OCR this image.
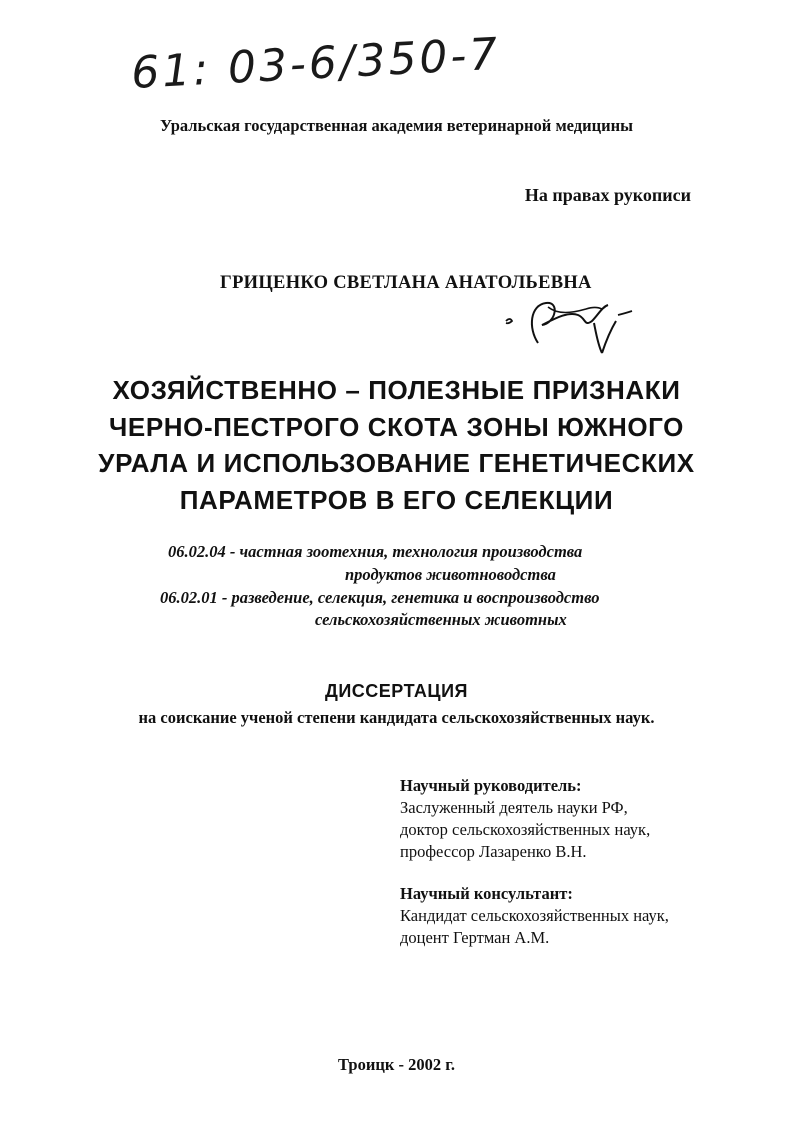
61: 03-6/350-7

Уральская государственная академия ветеринарной медицины

На правах рукописи

ГРИЦЕНКО СВЕТЛАНА АНАТОЛЬЕВНА

ХОЗЯЙСТВЕННО – ПОЛЕЗНЫЕ ПРИЗНАКИ
ЧЕРНО-ПЕСТРОГО СКОТА ЗОНЫ ЮЖНОГО
УРАЛА И ИСПОЛЬЗОВАНИЕ ГЕНЕТИЧЕСКИХ
ПАРАМЕТРОВ В ЕГО СЕЛЕКЦИИ

06.02.04 - частная зоотехния, технология производства

продуктов животноводства

06.02.01 - разведение, селекция, генетика и воспроизводство

сельскохозяйственных животных

ДИССЕРТАЦИЯ

на соискание ученой степени кандидата сельскохозяйственных наук.

Научный руководитель:
Заслуженный деятель науки РФ,
доктор сельскохозяйственных наук,
профессор Лазаренко В.Н.
Научный консультант:
Кандидат сельскохозяйственных наук,
доцент Гертман А.М.

Троицк - 2002 г.
